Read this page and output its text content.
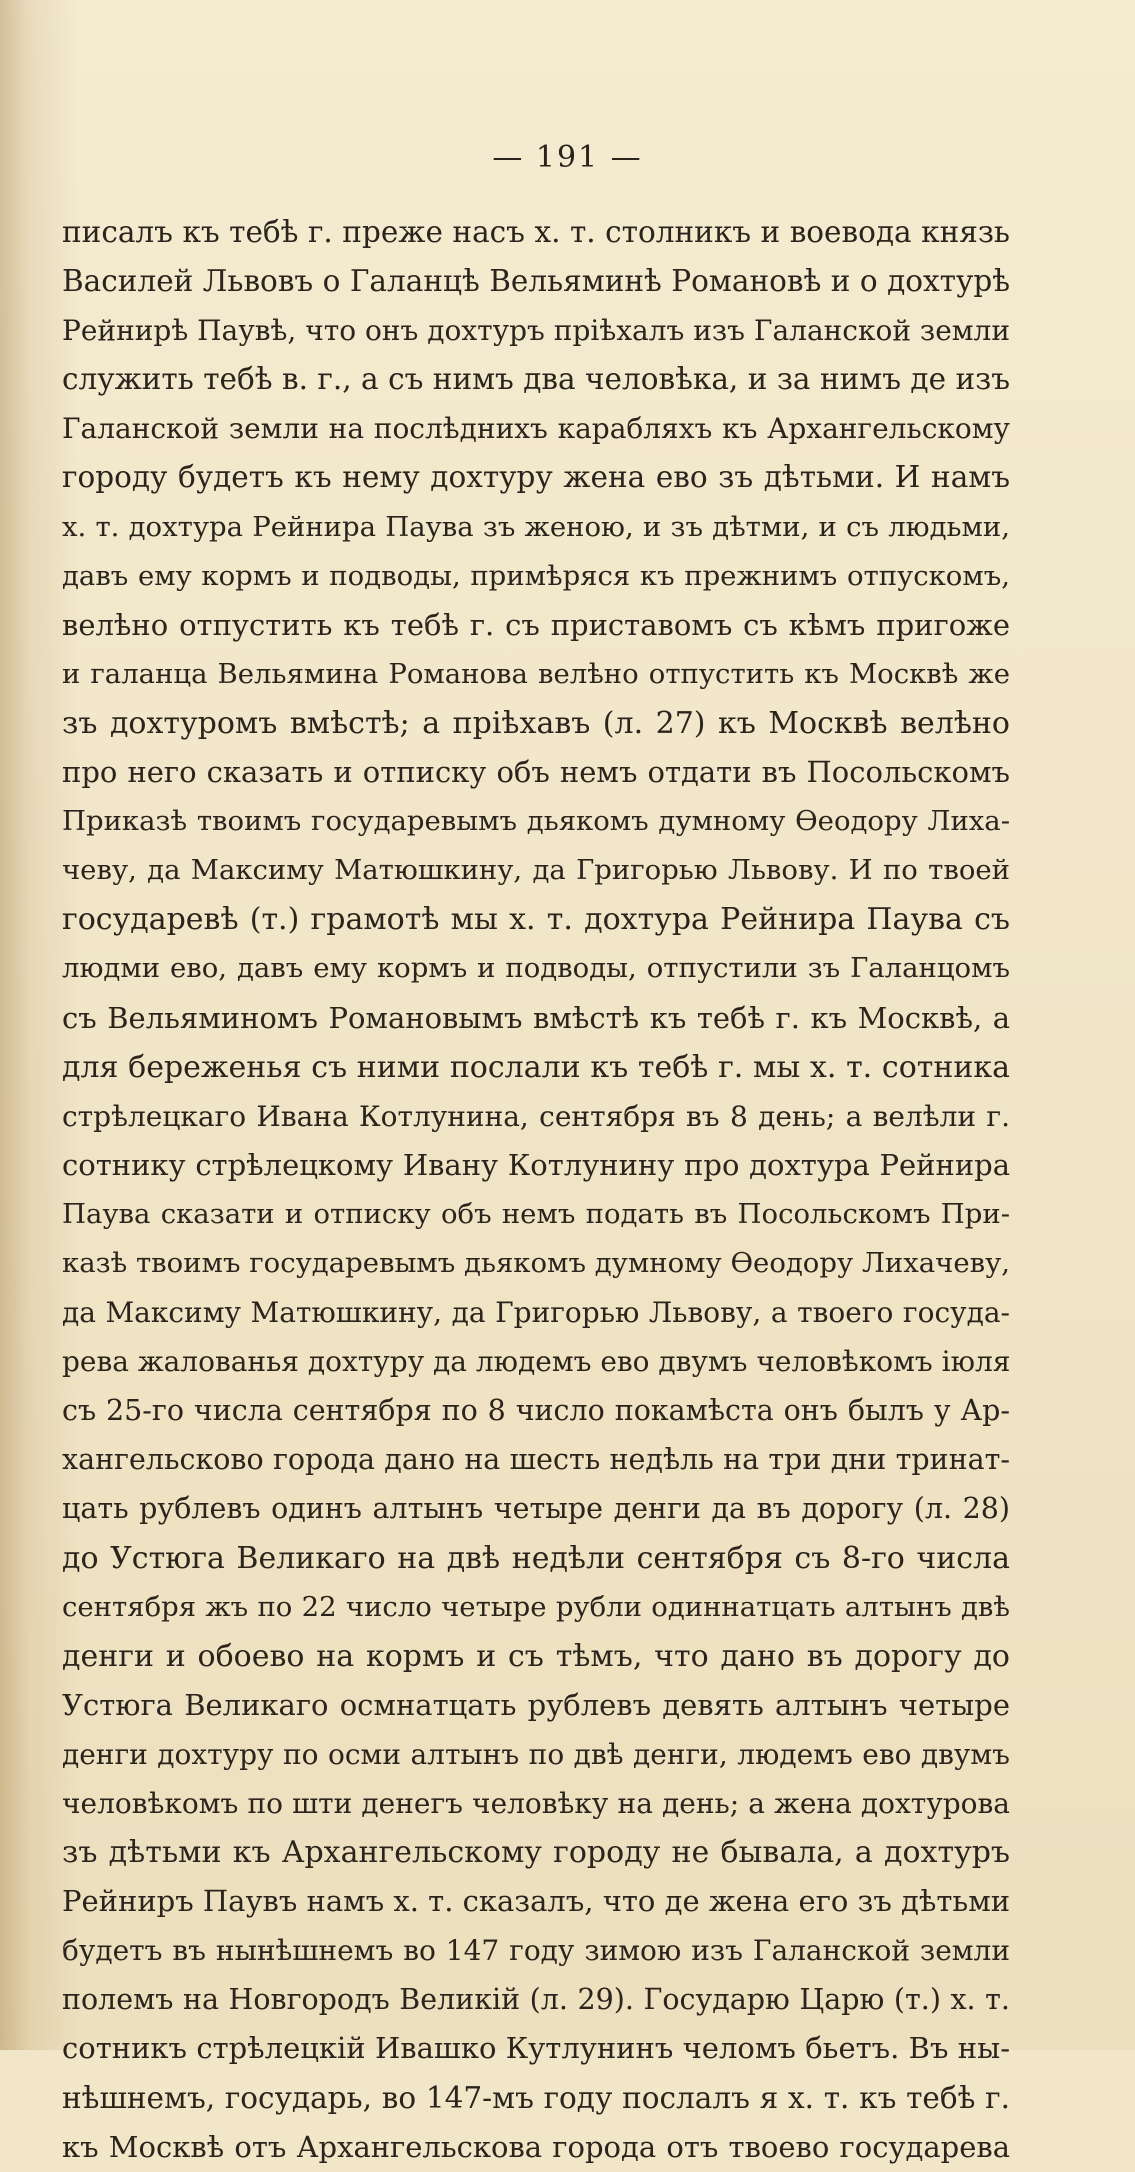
— 191 —

писалъ къ тебѣ г. преже насъ х. т. столникъ и воевода князь
Василей Львовъ о Галанцѣ Вельяминѣ Романовѣ и о дохтурѣ
Рейнирѣ Паувѣ, что онъ дохтуръ прiѣхалъ изъ Галанской земли
служить тебѣ в. г., а съ нимъ два человѣка, и за нимъ де изъ
Галанской земли на послѣднихъ карабляхъ къ Архангельскому
городу будетъ къ нему дохтуру жена ево зъ дѣтьми. И намъ
х. т. дохтура Рейнира Паува зъ женою, и зъ дѣтми, и съ людьми,
давъ ему кормъ и подводы, примѣряся къ прежнимъ отпускомъ,
велѣно отпустить къ тебѣ г. съ приставомъ съ кѣмъ пригоже
и галанца Вельямина Романова велѣно отпустить къ Москвѣ же
зъ дохтуромъ вмѣстѣ; а прiѣхавъ (л. 27) къ Москвѣ велѣно
про него сказать и отписку объ немъ отдати въ Посольскомъ
Приказѣ твоимъ государевымъ дьякомъ думному Ѳеодору Лиха-
чеву, да Максиму Матюшкину, да Григорью Львову. И по твоей
государевѣ (т.) грамотѣ мы х. т. дохтура Рейнира Паува съ
людми ево, давъ ему кормъ и подводы, отпустили зъ Галанцомъ
съ Вельяминомъ Романовымъ вмѣстѣ къ тебѣ г. къ Москвѣ, а
для береженья съ ними послали къ тебѣ г. мы х. т. сотника
стрѣлецкаго Ивана Котлунина, сентября въ 8 день; а велѣли г.
сотнику стрѣлецкому Ивану Котлунину про дохтура Рейнира
Паува сказати и отписку объ немъ подать въ Посольскомъ При-
казѣ твоимъ государевымъ дьякомъ думному Ѳеодору Лихачеву,
да Максиму Матюшкину, да Григорью Львову, а твоего госуда-
рева жалованья дохтуру да людемъ ево двумъ человѣкомъ iюля
съ 25-го числа сентября по 8 число покамѣста онъ былъ у Ар-
хангельсково города дано на шесть недѣль на три дни тринат-
цать рублевъ одинъ алтынъ четыре денги да въ дорогу (л. 28)
до Устюга Великаго на двѣ недѣли сентября съ 8-го числа
сентября жъ по 22 число четыре рубли одиннатцать алтынъ двѣ
денги и обоево на кормъ и съ тѣмъ, что дано въ дорогу до
Устюга Великаго осмнатцать рублевъ девять алтынъ четыре
денги дохтуру по осми алтынъ по двѣ денги, людемъ ево двумъ
человѣкомъ по шти денегъ человѣку на день; а жена дохтурова
зъ дѣтьми къ Архангельскому городу не бывала, а дохтуръ
Рейниръ Паувъ намъ х. т. сказалъ, что де жена его зъ дѣтьми
будетъ въ нынѣшнемъ во 147 году зимою изъ Галанской земли
полемъ на Новгородъ Великiй (л. 29). Государю Царю (т.) х. т.
сотникъ стрѣлецкiй Ивашко Кутлунинъ челомъ бьетъ. Въ ны-
нѣшнемъ, государь, во 147-мъ году послалъ я х. т. къ тебѣ г.
къ Москвѣ отъ Архангельскова города отъ твоево государева
